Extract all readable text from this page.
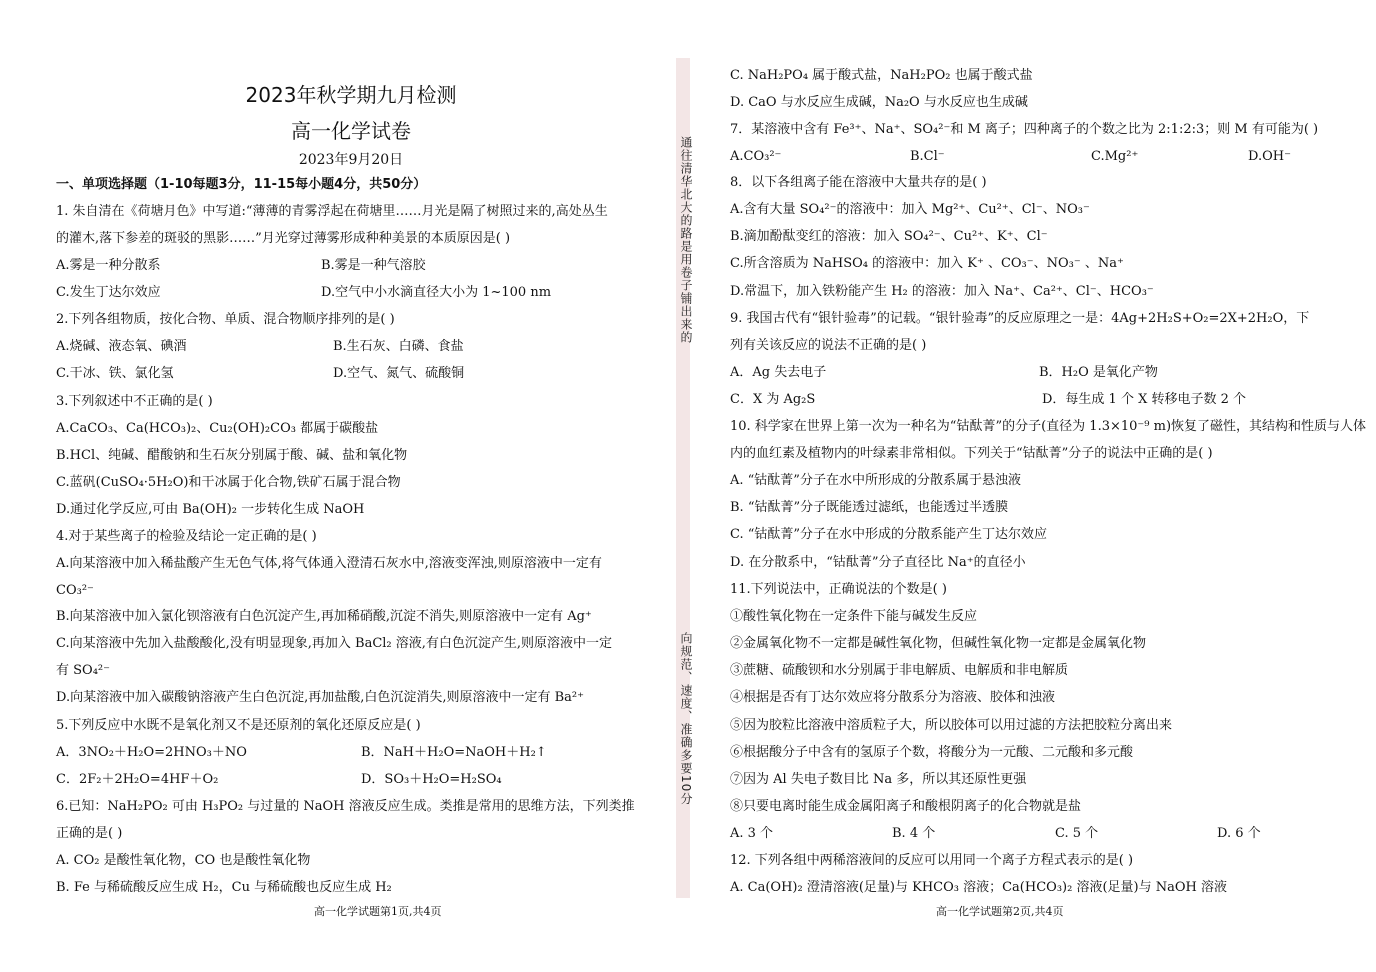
2023年秋学期九月检测
高一化学试卷
2023年9月20日
一、单项选择题（1-10每题3分，11-15每小题4分，共50分）
1. 朱自清在《荷塘月色》中写道:“薄薄的青雾浮起在荷塘里……月光是隔了树照过来的,高处丛生
的灌木,落下参差的斑驳的黑影……”月光穿过薄雾形成种种美景的本质原因是( )
A.雾是一种分散系	B.雾是一种气溶胶
C.发生丁达尔效应	D.空气中小水滴直径大小为 1~100 nm
2.下列各组物质，按化合物、单质、混合物顺序排列的是( )
A.烧碱、液态氧、碘酒	B.生石灰、白磷、食盐
C.干冰、铁、氯化氢	D.空气、氮气、硫酸铜
3.下列叙述中不正确的是( )
A.CaCO₃、Ca(HCO₃)₂、Cu₂(OH)₂CO₃ 都属于碳酸盐
B.HCl、纯碱、醋酸钠和生石灰分别属于酸、碱、盐和氧化物
C.蓝矾(CuSO₄·5H₂O)和干冰属于化合物,铁矿石属于混合物
D.通过化学反应,可由 Ba(OH)₂ 一步转化生成 NaOH
4.对于某些离子的检验及结论一定正确的是( )
A.向某溶液中加入稀盐酸产生无色气体,将气体通入澄清石灰水中,溶液变浑浊,则原溶液中一定有
CO₃²⁻
B.向某溶液中加入氯化钡溶液有白色沉淀产生,再加稀硝酸,沉淀不消失,则原溶液中一定有 Ag⁺
C.向某溶液中先加入盐酸酸化,没有明显现象,再加入 BaCl₂ 溶液,有白色沉淀产生,则原溶液中一定
有 SO₄²⁻
D.向某溶液中加入碳酸钠溶液产生白色沉淀,再加盐酸,白色沉淀消失,则原溶液中一定有 Ba²⁺
5.下列反应中水既不是氧化剂又不是还原剂的氧化还原反应是( )
A．3NO₂＋H₂O=2HNO₃＋NO	B．NaH＋H₂O=NaOH＋H₂↑
C．2F₂＋2H₂O=4HF＋O₂	D．SO₃＋H₂O=H₂SO₄
6.已知：NaH₂PO₂ 可由 H₃PO₂ 与过量的 NaOH 溶液反应生成。类推是常用的思维方法，下列类推
正确的是( )
A. CO₂ 是酸性氧化物，CO 也是酸性氧化物
B. Fe 与稀硫酸反应生成 H₂，Cu 与稀硫酸也反应生成 H₂
高一化学试题第1页,共4页
通往清华北大的路是用卷子铺出来的
向规范、速度、准确多要10分
C. NaH₂PO₄ 属于酸式盐，NaH₂PO₂ 也属于酸式盐
D. CaO 与水反应生成碱，Na₂O 与水反应也生成碱
7．某溶液中含有 Fe³⁺、Na⁺、SO₄²⁻和 M 离子；四种离子的个数之比为 2:1:2:3；则 M 有可能为( )
A.CO₃²⁻	B.Cl⁻	C.Mg²⁺	D.OH⁻
8．以下各组离子能在溶液中大量共存的是( )
A.含有大量 SO₄²⁻的溶液中：加入 Mg²⁺、Cu²⁺、Cl⁻、NO₃⁻
B.滴加酚酞变红的溶液：加入 SO₄²⁻、Cu²⁺、K⁺、Cl⁻
C.所含溶质为 NaHSO₄ 的溶液中：加入 K⁺ 、CO₃⁻、NO₃⁻ 、Na⁺
D.常温下，加入铁粉能产生 H₂ 的溶液：加入 Na⁺、Ca²⁺、Cl⁻、HCO₃⁻
9. 我国古代有“银针验毒”的记载。“银针验毒”的反应原理之一是：4Ag+2H₂S+O₂=2X+2H₂O，下
列有关该反应的说法不正确的是( )
A．Ag 失去电子	B．H₂O 是氧化产物
C．X 为 Ag₂S	D．每生成 1 个 X 转移电子数 2 个
10. 科学家在世界上第一次为一种名为“钴酞菁”的分子(直径为 1.3×10⁻⁹ m)恢复了磁性，其结构和性质与人体
内的血红素及植物内的叶绿素非常相似。下列关于“钴酞菁”分子的说法中正确的是( )
A. “钴酞菁”分子在水中所形成的分散系属于悬浊液
B. “钴酞菁”分子既能透过滤纸，也能透过半透膜
C. “钴酞菁”分子在水中形成的分散系能产生丁达尔效应
D. 在分散系中，“钴酞菁”分子直径比 Na⁺的直径小
11.下列说法中，正确说法的个数是( )
①酸性氧化物在一定条件下能与碱发生反应
②金属氧化物不一定都是碱性氧化物，但碱性氧化物一定都是金属氧化物
③蔗糖、硫酸钡和水分别属于非电解质、电解质和非电解质
④根据是否有丁达尔效应将分散系分为溶液、胶体和浊液
⑤因为胶粒比溶液中溶质粒子大，所以胶体可以用过滤的方法把胶粒分离出来
⑥根据酸分子中含有的氢原子个数，将酸分为一元酸、二元酸和多元酸
⑦因为 Al 失电子数目比 Na 多，所以其还原性更强
⑧只要电离时能生成金属阳离子和酸根阴离子的化合物就是盐
A. 3 个	B. 4 个	C. 5 个	D. 6 个
12. 下列各组中两稀溶液间的反应可以用同一个离子方程式表示的是( )
A. Ca(OH)₂ 澄清溶液(足量)与 KHCO₃ 溶液；Ca(HCO₃)₂ 溶液(足量)与 NaOH 溶液
高一化学试题第2页,共4页
